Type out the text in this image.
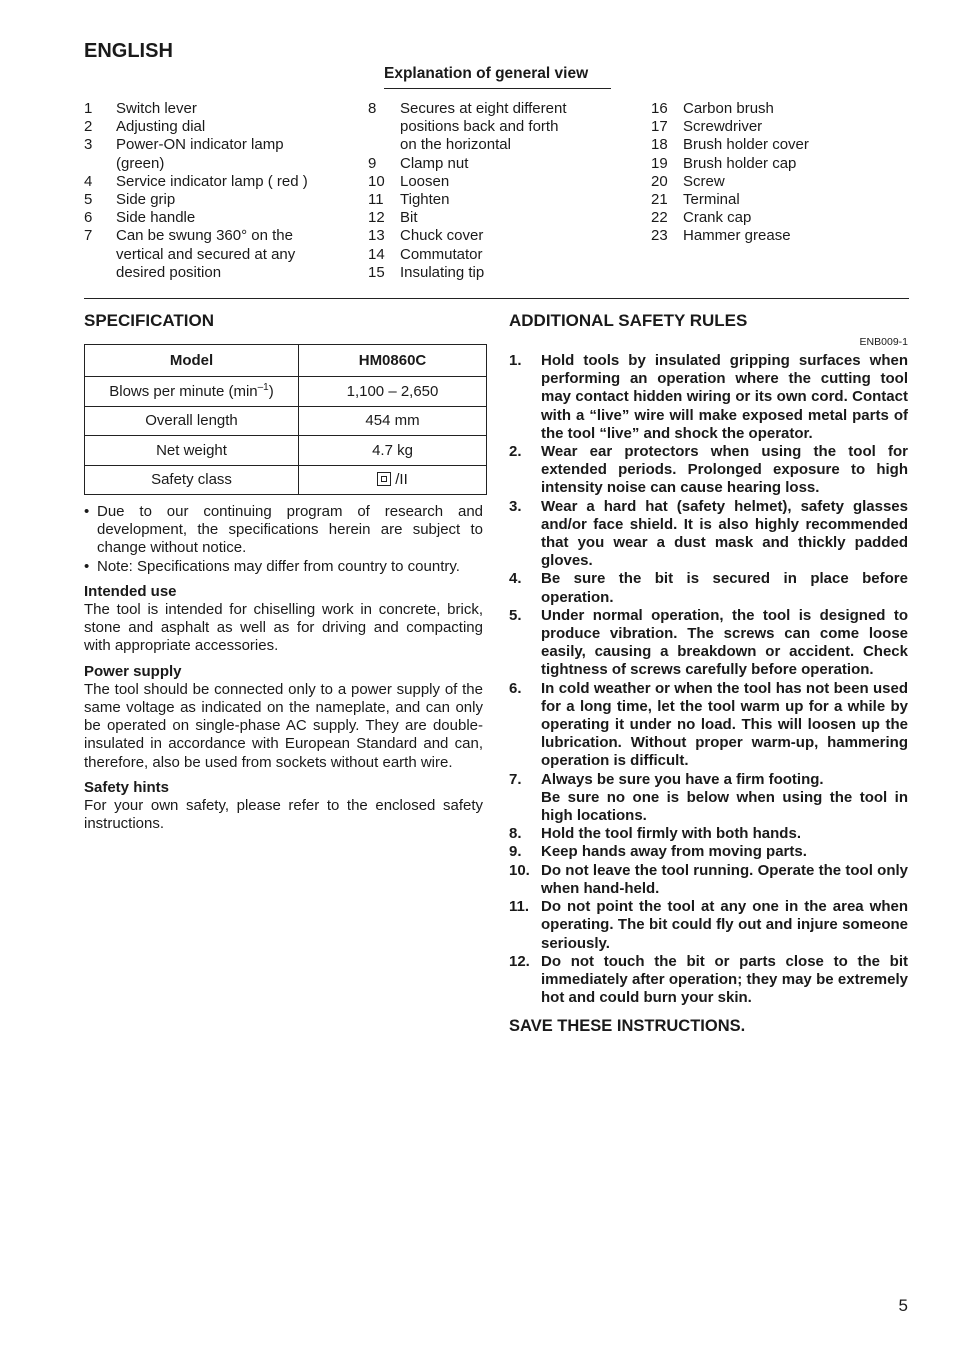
ENGLISH
Explanation of general view
1	Switch lever
2	Adjusting dial
3	Power-ON indicator lamp
(green)
4	Service indicator lamp ( red )
5	Side grip
6	Side handle
7	Can be swung 360° on the
vertical and secured at any
desired position
8	Secures at eight different
positions back and forth
on the horizontal
9	Clamp nut
10	Loosen
11	Tighten
12	Bit
13	Chuck cover
14	Commutator
15	Insulating tip
16	Carbon brush
17	Screwdriver
18	Brush holder cover
19	Brush holder cap
20	Screw
21	Terminal
22	Crank cap
23	Hammer grease
SPECIFICATION
Model	HM0860C
Blows per minute $(\min^{-1})$	1,100 – 2,650
Overall length	454 mm
Net weight	4.7 kg
Safety class	/II
• Due to our continuing program of research and development, the specifications herein are subject to change without notice.
• Note: Specifications may differ from country to country.

Intended use

The tool is intended for chiselling work in concrete, brick, stone and asphalt as well as for driving and compacting with appropriate accessories.

Power supply

The tool should be connected only to a power supply of the same voltage as indicated on the nameplate, and can only be operated on single-phase AC supply. They are double-insulated in accordance with European Standard and can, therefore, also be used from sockets without earth wire.

Safety hints

For your own safety, please refer to the enclosed safety instructions.

ADDITIONAL SAFETY RULES
ENB009-1
1.	Hold tools by insulated gripping surfaces when performing an operation where the cutting tool may contact hidden wiring or its own cord. Contact with a “live” wire will make exposed metal parts of the tool “live” and shock the operator.
2.	Wear ear protectors when using the tool for extended periods. Prolonged exposure to high intensity noise can cause hearing loss.
3.	Wear a hard hat (safety helmet), safety glasses and/or face shield. It is also highly recommended that you wear a dust mask and thickly padded gloves.
4.	Be sure the bit is secured in place before operation.
5.	Under normal operation, the tool is designed to produce vibration. The screws can come loose easily, causing a breakdown or accident. Check tightness of screws carefully before operation.
6.	In cold weather or when the tool has not been used for a long time, let the tool warm up for a while by operating it under no load. This will loosen up the lubrication. Without proper warm-up, hammering operation is difficult.
7.	Always be sure you have a firm footing.
Be sure no one is below when using the tool in high locations.
8.	Hold the tool firmly with both hands.
9.	Keep hands away from moving parts.
10. Do not leave the tool running. Operate the tool only when hand-held.
11. Do not point the tool at any one in the area when operating. The bit could fly out and injure someone seriously.
12. Do not touch the bit or parts close to the bit immediately after operation; they may be extremely hot and could burn your skin.

SAVE THESE INSTRUCTIONS.

5
